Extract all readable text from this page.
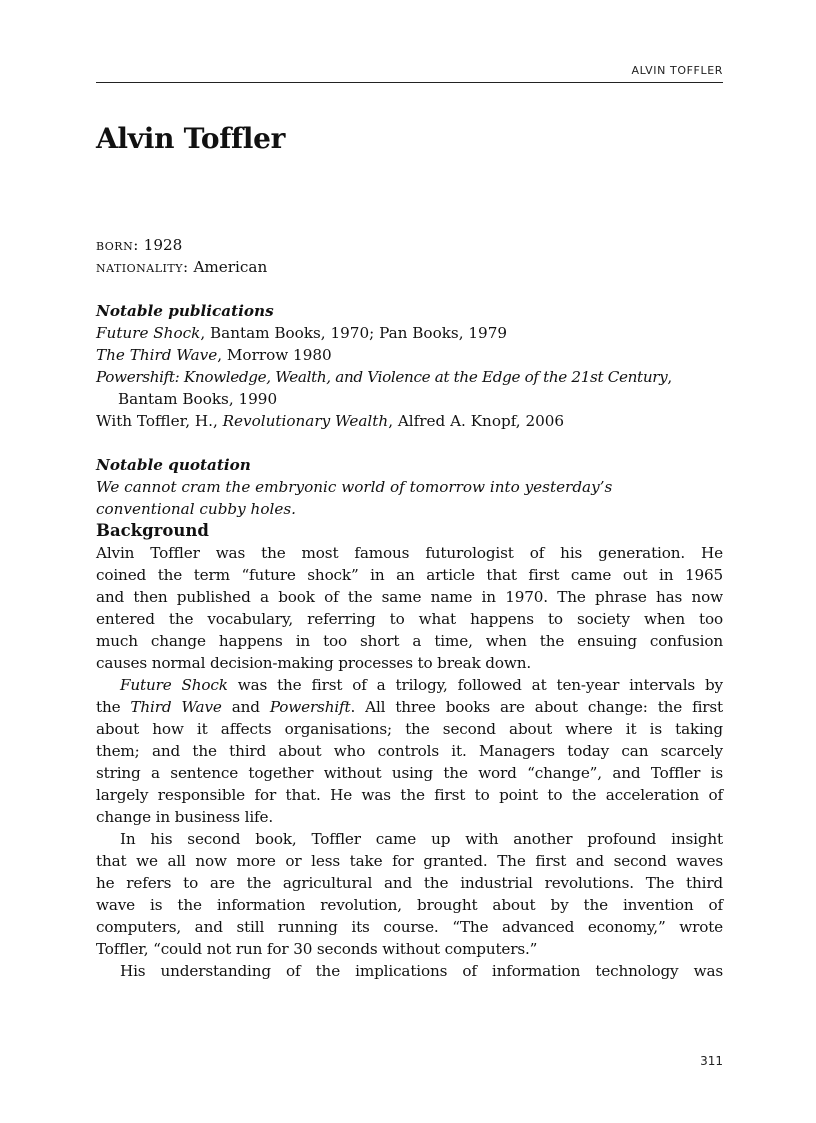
ALVIN TOFFLER
Alvin Toffler

born: 1928

nationality: American

Notable publications

Future Shock, Bantam Books, 1970; Pan Books, 1979

The Third Wave, Morrow 1980

Powershift: Knowledge, Wealth, and Violence at the Edge of the 21st Century,
Bantam Books, 1990

With Toffler, H., Revolutionary Wealth, Alfred A. Knopf, 2006

Notable quotation

We cannot cram the embryonic world of tomorrow into yesterday’s conventional cubby holes.

Background

Alvin Toffler was the most famous futurologist of his generation. He
coined the term “future shock” in an article that first came out in 1965
and then published a book of the same name in 1970. The phrase has now
entered the vocabulary, referring to what happens to society when too
much change happens in too short a time, when the ensuing confusion
causes normal decision-making processes to break down.

Future Shock was the first of a trilogy, followed at ten-year intervals by
the Third Wave and Powershift. All three books are about change: the first
about how it affects organisations; the second about where it is taking
them; and the third about who controls it. Managers today can scarcely
string a sentence together without using the word “change”, and Toffler is
largely responsible for that. He was the first to point to the acceleration of
change in business life.

In his second book, Toffler came up with another profound insight
that we all now more or less take for granted. The first and second waves
he refers to are the agricultural and the industrial revolutions. The third
wave is the information revolution, brought about by the invention of
computers, and still running its course. “The advanced economy,” wrote
Toffler, “could not run for 30 seconds without computers.”

His understanding of the implications of information technology was

311
